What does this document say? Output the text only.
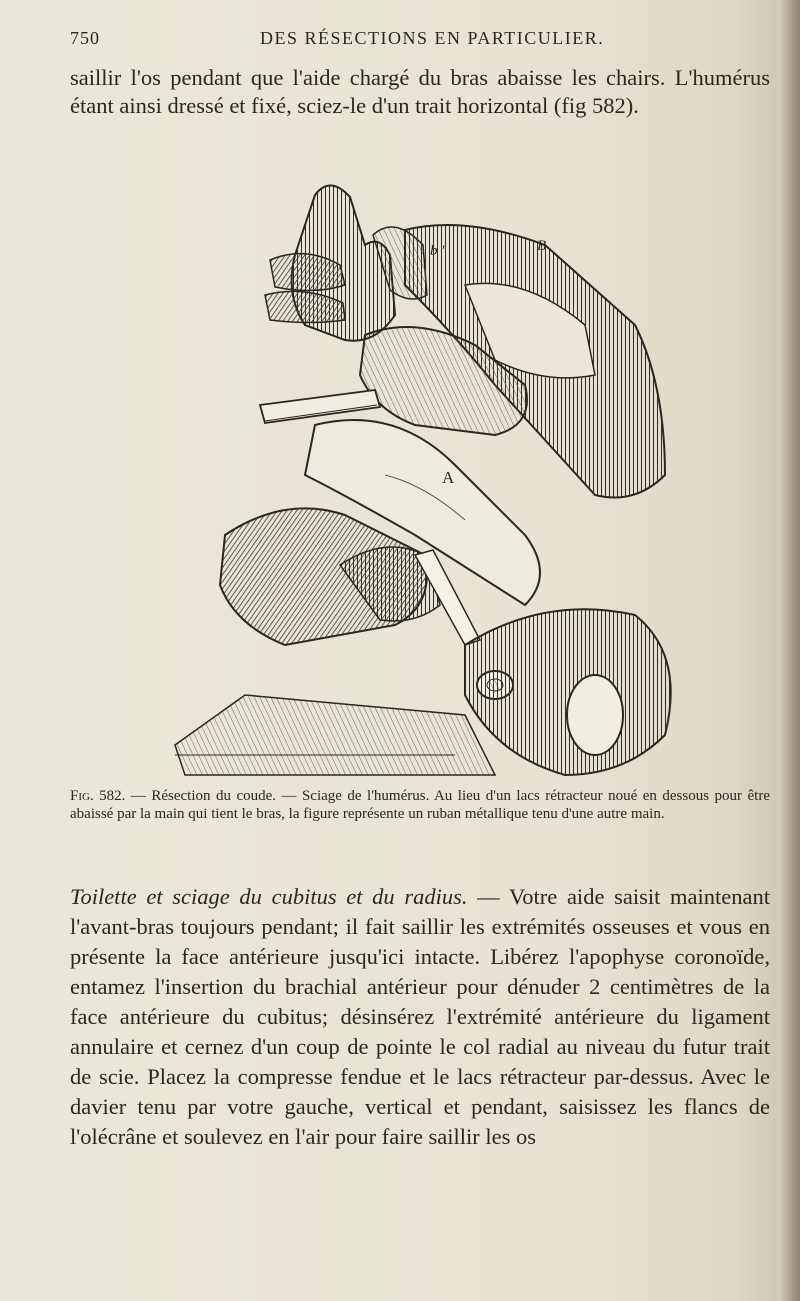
750	DES RÉSECTIONS EN PARTICULIER.

saillir l'os pendant que l'aide chargé du bras abaisse les chairs. L'humérus étant ainsi dressé et fixé, sciez-le d'un trait horizontal (fig 582).

b ′	B
A

Fig. 582. — Résection du coude. — Sciage de l'humérus. Au lieu d'un lacs rétracteur noué en dessous pour être abaissé par la main qui tient le bras, la figure représente un ruban métallique tenu d'une autre main.

Toilette et sciage du cubitus et du radius. — Votre aide saisit maintenant l'avant-bras toujours pendant; il fait saillir les extrémités osseuses et vous en présente la face antérieure jusqu'ici intacte. Libérez l'apophyse coronoïde, entamez l'insertion du brachial antérieur pour dénuder 2 centimètres de la face antérieure du cubitus; désinsérez l'extrémité antérieure du ligament annulaire et cernez d'un coup de pointe le col radial au niveau du futur trait de scie. Placez la compresse fendue et le lacs rétracteur par-dessus. Avec le davier tenu par votre gauche, vertical et pendant, saisissez les flancs de l'olécrâne et soulevez en l'air pour faire saillir les os
